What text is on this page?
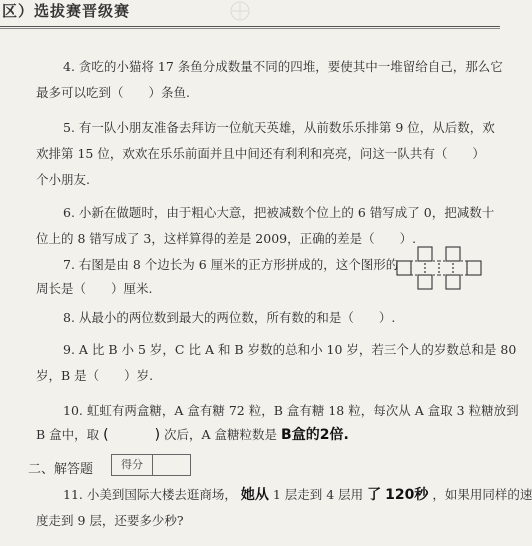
区）选拔赛晋级赛
4. 贪吃的小猫将 17 条鱼分成数量不同的四堆，要使其中一堆留给自己，那么它
最多可以吃到（　　）条鱼.
5. 有一队小朋友准备去拜访一位航天英雄，从前数乐乐排第 9 位，从后数，欢
欢排第 15 位，欢欢在乐乐前面并且中间还有利利和亮亮，问这一队共有（　　）
个小朋友.
6. 小新在做题时，由于粗心大意，把被减数个位上的 6 错写成了 0，把减数十
位上的 8 错写成了 3，这样算得的差是 2009，正确的差是（　　）.
7. 右图是由 8 个边长为 6 厘米的正方形拼成的，这个图形的
周长是（　　）厘米.
8. 从最小的两位数到最大的两位数，所有数的和是（　　）.
9. A 比 B 小 5 岁，C 比 A 和 B 岁数的总和小 10 岁，若三个人的岁数总和是 80
岁，B 是（　　）岁.
10. 虹虹有两盒糖，A 盒有糖 72 粒，B 盒有糖 18 粒，每次从 A 盒取 3 粒糖放到
B 盒中，取 (	) 次后，A 盒糖粒数是 B盒的2倍.
二、解答题	得分
11. 小美到国际大楼去逛商场， 她从 1 层走到 4 层用 了 120秒 ，如果用同样的速
度走到 9 层，还要多少秒?
